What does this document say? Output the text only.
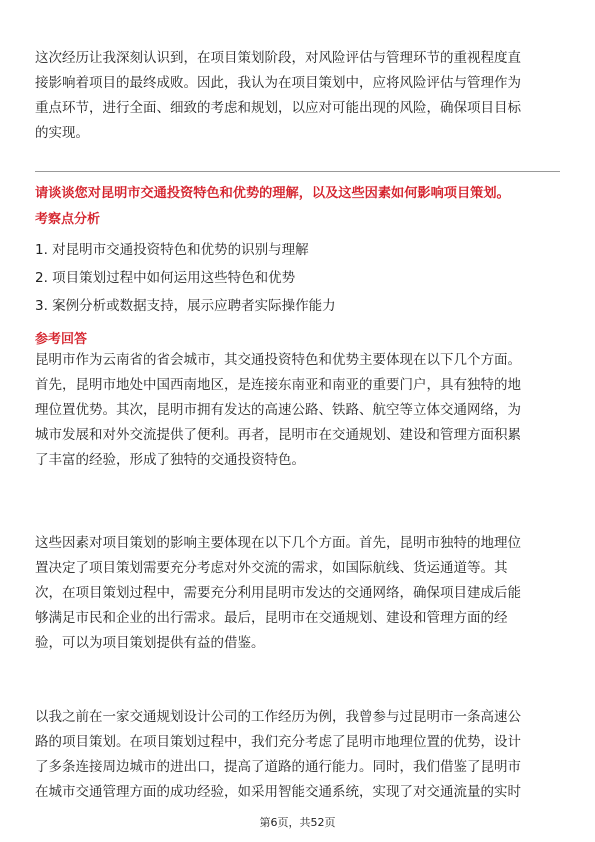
这次经历让我深刻认识到，在项目策划阶段，对风险评估与管理环节的重视程度直
接影响着项目的最终成败。因此，我认为在项目策划中，应将风险评估与管理作为
重点环节，进行全面、细致的考虑和规划，以应对可能出现的风险，确保项目目标
的实现。
请谈谈您对昆明市交通投资特色和优势的理解，以及这些因素如何影响项目策划。
考察点分析
1. 对昆明市交通投资特色和优势的识别与理解
2. 项目策划过程中如何运用这些特色和优势
3. 案例分析或数据支持，展示应聘者实际操作能力
参考回答
昆明市作为云南省的省会城市，其交通投资特色和优势主要体现在以下几个方面。
首先，昆明市地处中国西南地区，是连接东南亚和南亚的重要门户，具有独特的地
理位置优势。其次，昆明市拥有发达的高速公路、铁路、航空等立体交通网络，为
城市发展和对外交流提供了便利。再者，昆明市在交通规划、建设和管理方面积累
了丰富的经验，形成了独特的交通投资特色。
这些因素对项目策划的影响主要体现在以下几个方面。首先，昆明市独特的地理位
置决定了项目策划需要充分考虑对外交流的需求，如国际航线、货运通道等。其
次，在项目策划过程中，需要充分利用昆明市发达的交通网络，确保项目建成后能
够满足市民和企业的出行需求。最后，昆明市在交通规划、建设和管理方面的经
验，可以为项目策划提供有益的借鉴。
以我之前在一家交通规划设计公司的工作经历为例，我曾参与过昆明市一条高速公
路的项目策划。在项目策划过程中，我们充分考虑了昆明市地理位置的优势，设计
了多条连接周边城市的进出口，提高了道路的通行能力。同时，我们借鉴了昆明市
在城市交通管理方面的成功经验，如采用智能交通系统，实现了对交通流量的实时
第6页，共52页
